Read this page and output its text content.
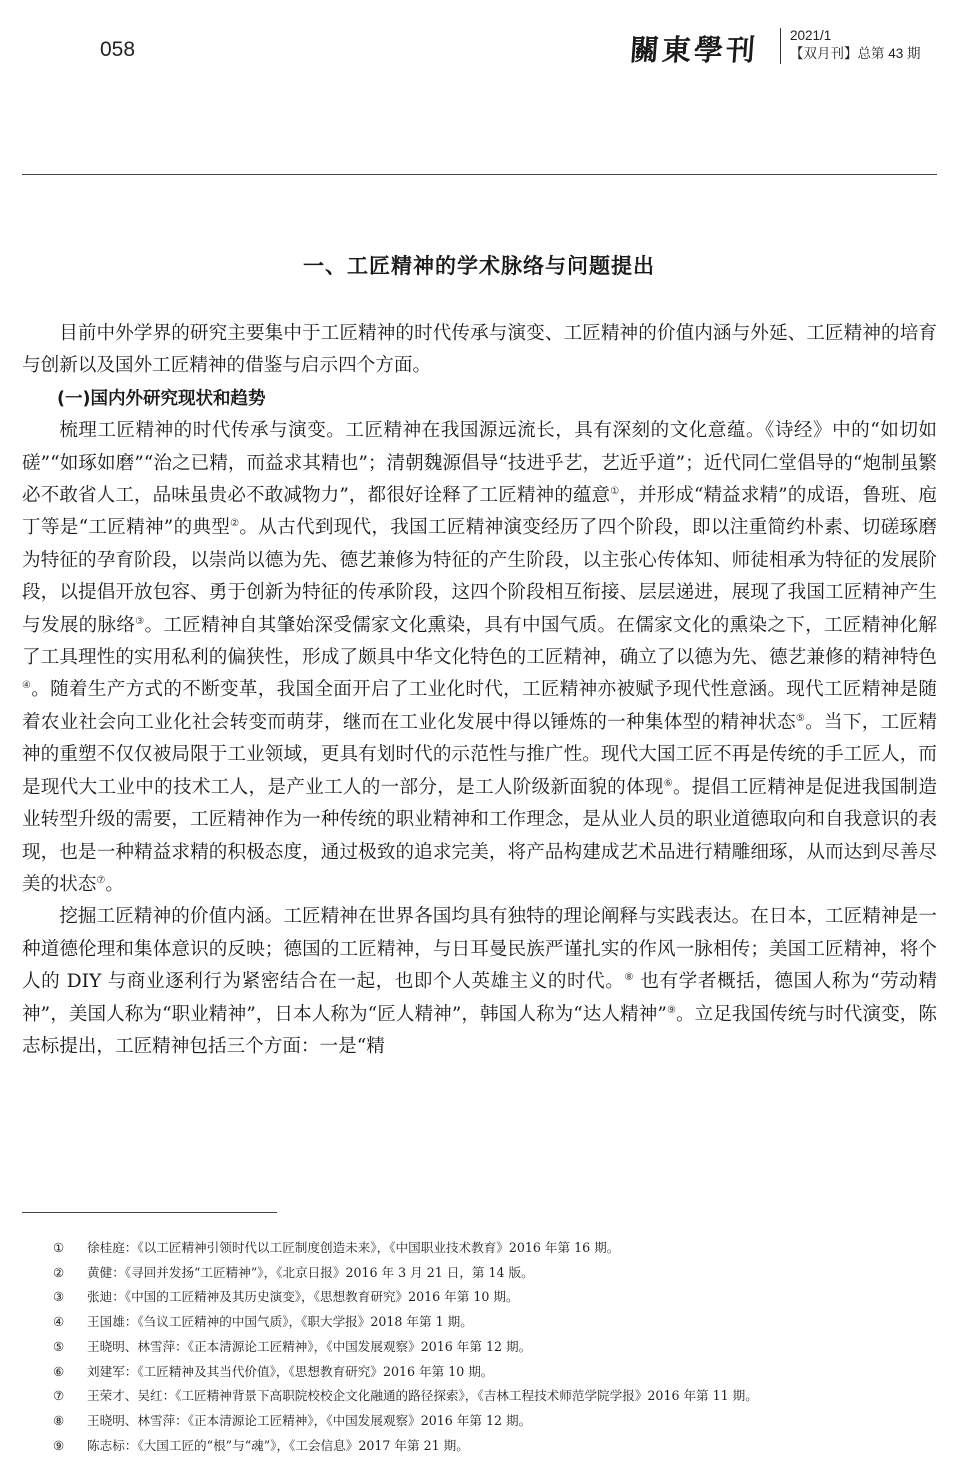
058	關東學刊 2021/1
【双月刊】总第 43 期
一、工匠精神的学术脉络与问题提出

目前中外学界的研究主要集中于工匠精神的时代传承与演变、工匠精神的价值内涵与外延、工匠精神的培育与创新以及国外工匠精神的借鉴与启示四个方面。

(一)国内外研究现状和趋势

梳理工匠精神的时代传承与演变。工匠精神在我国源远流长，具有深刻的文化意蕴。《诗经》中的“如切如磋”“如琢如磨”“治之已精，而益求其精也”；清朝魏源倡导“技进乎艺，艺近乎道”；近代同仁堂倡导的“炮制虽繁必不敢省人工，品味虽贵必不敢减物力”，都很好诠释了工匠精神的蕴意①，并形成“精益求精”的成语，鲁班、庖丁等是“工匠精神”的典型②。从古代到现代，我国工匠精神演变经历了四个阶段，即以注重简约朴素、切磋琢磨为特征的孕育阶段，以崇尚以德为先、德艺兼修为特征的产生阶段，以主张心传体知、师徒相承为特征的发展阶段，以提倡开放包容、勇于创新为特征的传承阶段，这四个阶段相互衔接、层层递进，展现了我国工匠精神产生与发展的脉络③。工匠精神自其肇始深受儒家文化熏染，具有中国气质。在儒家文化的熏染之下，工匠精神化解了工具理性的实用私利的偏狭性，形成了颇具中华文化特色的工匠精神，确立了以德为先、德艺兼修的精神特色④。随着生产方式的不断变革，我国全面开启了工业化时代，工匠精神亦被赋予现代性意涵。现代工匠精神是随着农业社会向工业化社会转变而萌芽，继而在工业化发展中得以锤炼的一种集体型的精神状态⑤。当下，工匠精神的重塑不仅仅被局限于工业领域，更具有划时代的示范性与推广性。现代大国工匠不再是传统的手工匠人，而是现代大工业中的技术工人，是产业工人的一部分，是工人阶级新面貌的体现⑥。提倡工匠精神是促进我国制造业转型升级的需要，工匠精神作为一种传统的职业精神和工作理念，是从业人员的职业道德取向和自我意识的表现，也是一种精益求精的积极态度，通过极致的追求完美，将产品构建成艺术品进行精雕细琢，从而达到尽善尽美的状态⑦。

挖掘工匠精神的价值内涵。工匠精神在世界各国均具有独特的理论阐释与实践表达。在日本，工匠精神是一种道德伦理和集体意识的反映；德国的工匠精神，与日耳曼民族严谨扎实的作风一脉相传；美国工匠精神，将个人的 DIY 与商业逐利行为紧密结合在一起，也即个人英雄主义的时代。⑧ 也有学者概括，德国人称为“劳动精神”，美国人称为“职业精神”，日本人称为“匠人精神”，韩国人称为“达人精神”⑨。立足我国传统与时代演变，陈志标提出，工匠精神包括三个方面：一是“精

①	徐桂庭：《以工匠精神引领时代以工匠制度创造未来》，《中国职业技术教育》2016 年第 16 期。
②	黄健：《寻回并发扬“工匠精神”》，《北京日报》2016 年 3 月 21 日，第 14 版。
③	张迪：《中国的工匠精神及其历史演变》，《思想教育研究》2016 年第 10 期。
④	王国雄：《刍议工匠精神的中国气质》，《职大学报》2018 年第 1 期。
⑤	王晓明、林雪萍：《正本清源论工匠精神》，《中国发展观察》2016 年第 12 期。
⑥	刘建军：《工匠精神及其当代价值》，《思想教育研究》2016 年第 10 期。
⑦	王荣才、吴红：《工匠精神背景下高职院校校企文化融通的路径探索》，《吉林工程技术师范学院学报》2016 年第 11 期。
⑧	王晓明、林雪萍：《正本清源论工匠精神》，《中国发展观察》2016 年第 12 期。
⑨	陈志标：《大国工匠的“根”与“魂”》，《工会信息》2017 年第 21 期。
